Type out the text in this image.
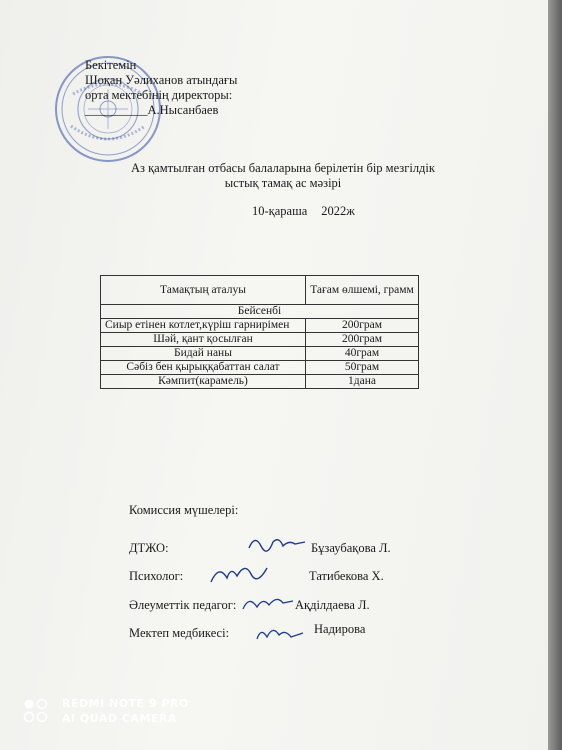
Бекітемін
Шоқан Уәлиханов атындағы
орта мектебінің директоры:
__________А.Нысанбаев
Аз қамтылған отбасы балаларына берілетін бір мезгілдік ыстық тамақ ас мәзірі
10-қараша 2022ж
Тамақтың аталуы	Тағам өлшемі, грамм
Бейсенбі	
Сиыр етінен котлет,күріш гарнирімен	200грам
Шәй, қант қосылған	200грам
Бидай наны	40грам
Сәбіз бен қырыққабаттан салат	50грам
Кәмпит(карамель)	1дана
Комиссия мүшелері:
ДТЖО:	Бұзаубақова Л.
Психолог:	Татибекова Х.
Әлеуметтік педагог:	Ақділдаева Л.
Мектеп медбикесі:	Надирова
REDMI NOTE 9 PRO
AI QUAD CAMERA
